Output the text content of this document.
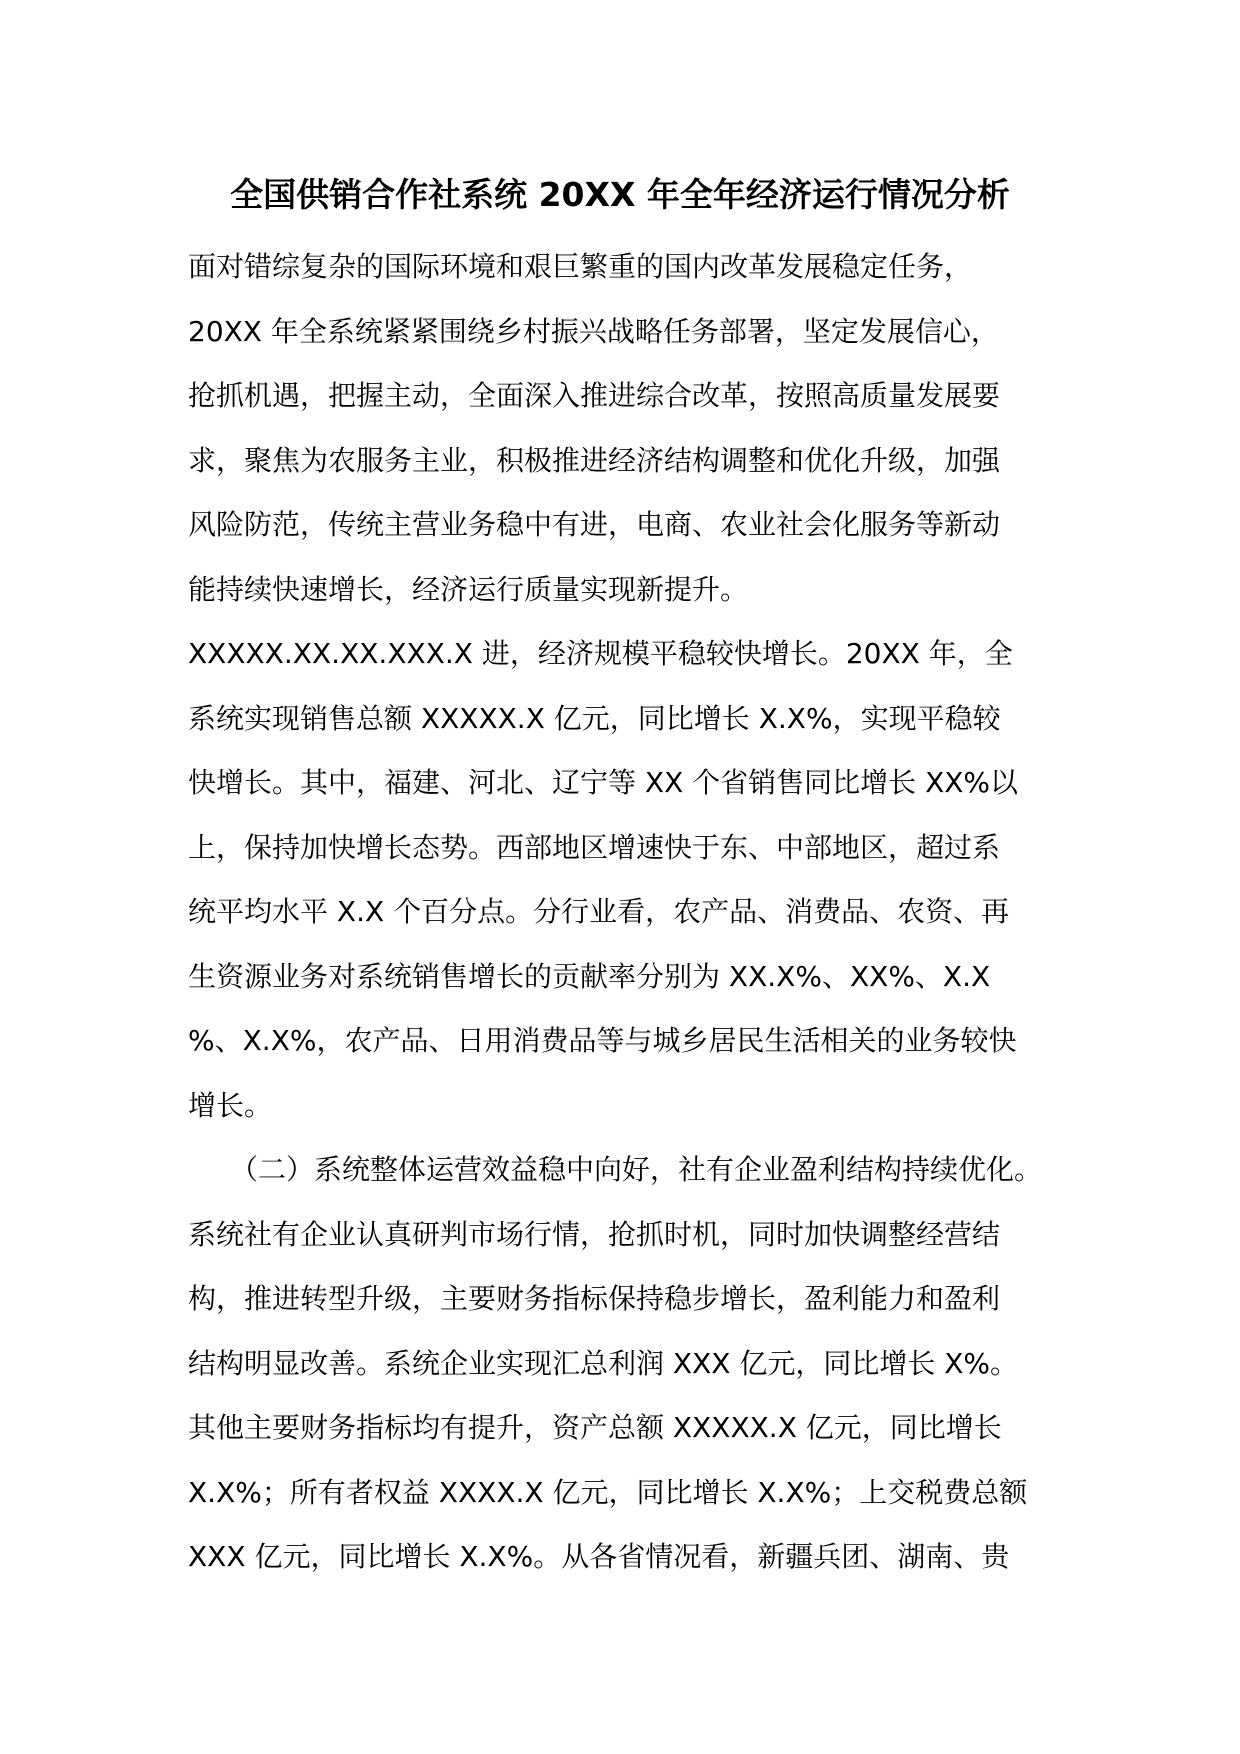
全国供销合作社系统 20XX 年全年经济运行情况分析

面对错综复杂的国际环境和艰巨繁重的国内改革发展稳定任务，
20XX 年全系统紧紧围绕乡村振兴战略任务部署，坚定发展信心，
抢抓机遇，把握主动，全面深入推进综合改革，按照高质量发展要
求，聚焦为农服务主业，积极推进经济结构调整和优化升级，加强
风险防范，传统主营业务稳中有进，电商、农业社会化服务等新动
能持续快速增长，经济运行质量实现新提升。

XXXXX.XX.XX.XXX.X 进，经济规模平稳较快增长。20XX 年，全
系统实现销售总额 XXXXX.X 亿元，同比增长 X.X%，实现平稳较
快增长。其中，福建、河北、辽宁等 XX 个省销售同比增长 XX%以
上，保持加快增长态势。西部地区增速快于东、中部地区，超过系
统平均水平 X.X 个百分点。分行业看，农产品、消费品、农资、再
生资源业务对系统销售增长的贡献率分别为 XX.X%、XX%、X.X
%、X.X%，农产品、日用消费品等与城乡居民生活相关的业务较快
增长。

　　（二）系统整体运营效益稳中向好，社有企业盈利结构持续优化。
系统社有企业认真研判市场行情，抢抓时机，同时加快调整经营结
构，推进转型升级，主要财务指标保持稳步增长，盈利能力和盈利
结构明显改善。系统企业实现汇总利润 XXX 亿元，同比增长 X%。
其他主要财务指标均有提升，资产总额 XXXXX.X 亿元，同比增长
X.X%；所有者权益 XXXX.X 亿元，同比增长 X.X%；上交税费总额
XXX 亿元，同比增长 X.X%。从各省情况看，新疆兵团、湖南、贵
